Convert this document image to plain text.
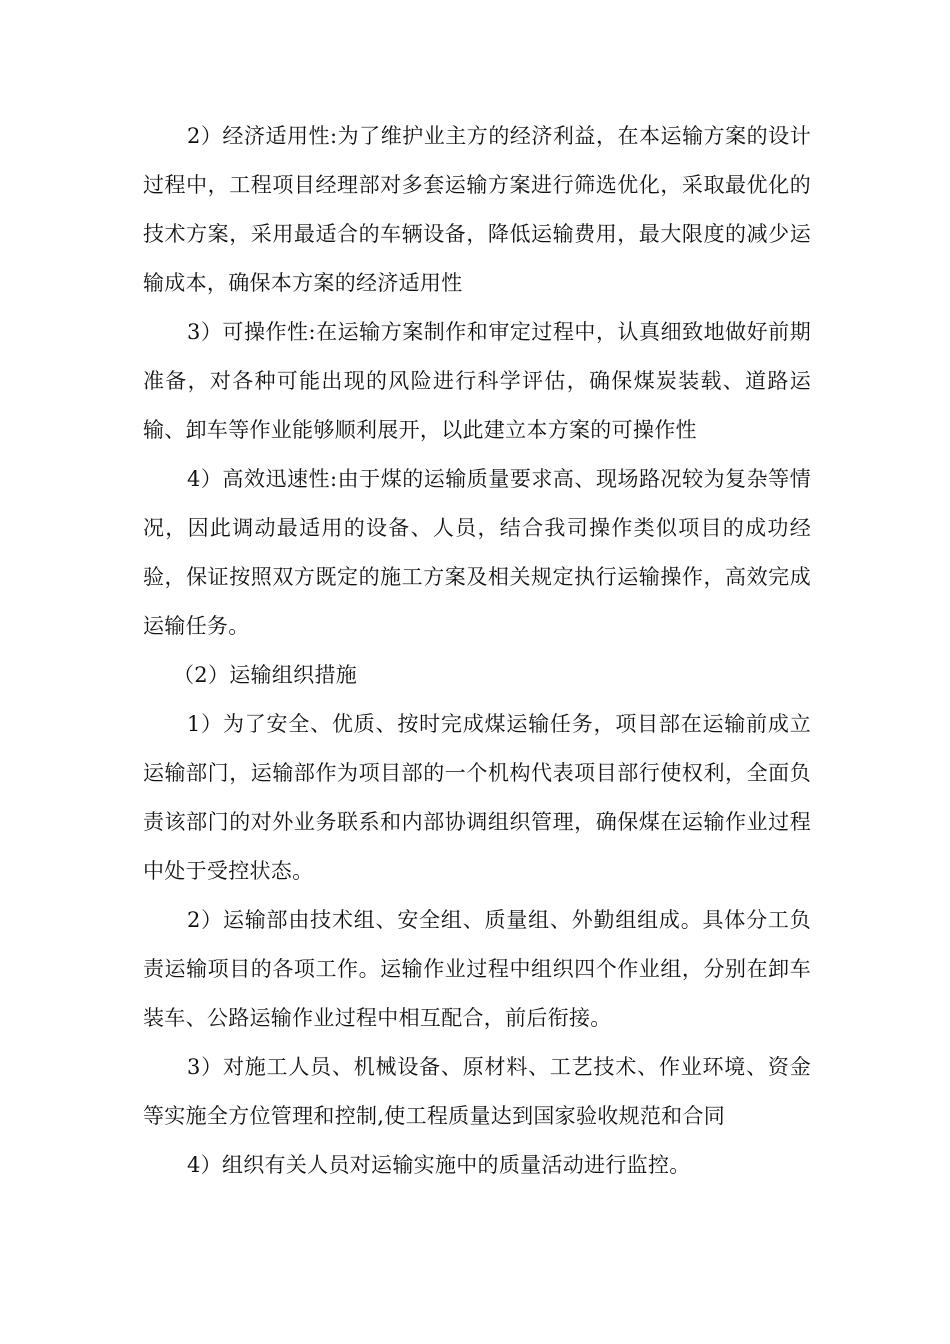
2）经济适用性:为了维护业主方的经济利益，在本运输方案的设计过程中，工程项目经理部对多套运输方案进行筛选优化，采取最优化的技术方案，采用最适合的车辆设备，降低运输费用，最大限度的减少运输成本，确保本方案的经济适用性

3）可操作性:在运输方案制作和审定过程中，认真细致地做好前期准备，对各种可能出现的风险进行科学评估，确保煤炭装载、道路运输、卸车等作业能够顺利展开，以此建立本方案的可操作性

4）高效迅速性:由于煤的运输质量要求高、现场路况较为复杂等情况，因此调动最适用的设备、人员，结合我司操作类似项目的成功经验，保证按照双方既定的施工方案及相关规定执行运输操作，高效完成运输任务。

（2）运输组织措施

1）为了安全、优质、按时完成煤运输任务，项目部在运输前成立运输部门，运输部作为项目部的一个机构代表项目部行使权利，全面负责该部门的对外业务联系和内部协调组织管理，确保煤在运输作业过程中处于受控状态。

2）运输部由技术组、安全组、质量组、外勤组组成。具体分工负责运输项目的各项工作。运输作业过程中组织四个作业组，分别在卸车装车、公路运输作业过程中相互配合，前后衔接。

3）对施工人员、机械设备、原材料、工艺技术、作业环境、资金等实施全方位管理和控制,使工程质量达到国家验收规范和合同

4）组织有关人员对运输实施中的质量活动进行监控。
